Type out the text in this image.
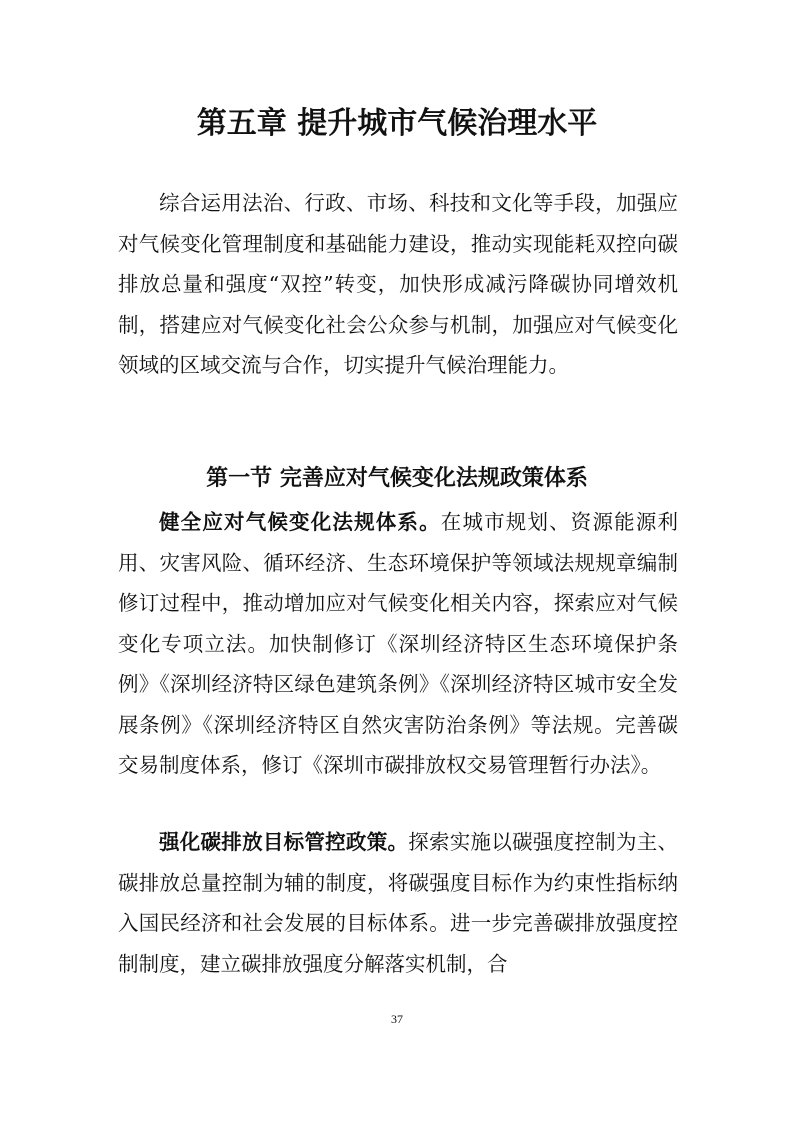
第五章 提升城市气候治理水平

综合运用法治、行政、市场、科技和文化等手段，加强应对气候变化管理制度和基础能力建设，推动实现能耗双控向碳排放总量和强度“双控”转变，加快形成减污降碳协同增效机制，搭建应对气候变化社会公众参与机制，加强应对气候变化领域的区域交流与合作，切实提升气候治理能力。

第一节 完善应对气候变化法规政策体系

健全应对气候变化法规体系。在城市规划、资源能源利用、灾害风险、循环经济、生态环境保护等领域法规规章编制修订过程中，推动增加应对气候变化相关内容，探索应对气候变化专项立法。加快制修订《深圳经济特区生态环境保护条例》《深圳经济特区绿色建筑条例》《深圳经济特区城市安全发展条例》《深圳经济特区自然灾害防治条例》等法规。完善碳交易制度体系，修订《深圳市碳排放权交易管理暂行办法》。

强化碳排放目标管控政策。探索实施以碳强度控制为主、碳排放总量控制为辅的制度，将碳强度目标作为约束性指标纳入国民经济和社会发展的目标体系。进一步完善碳排放强度控制制度，建立碳排放强度分解落实机制，合

37
